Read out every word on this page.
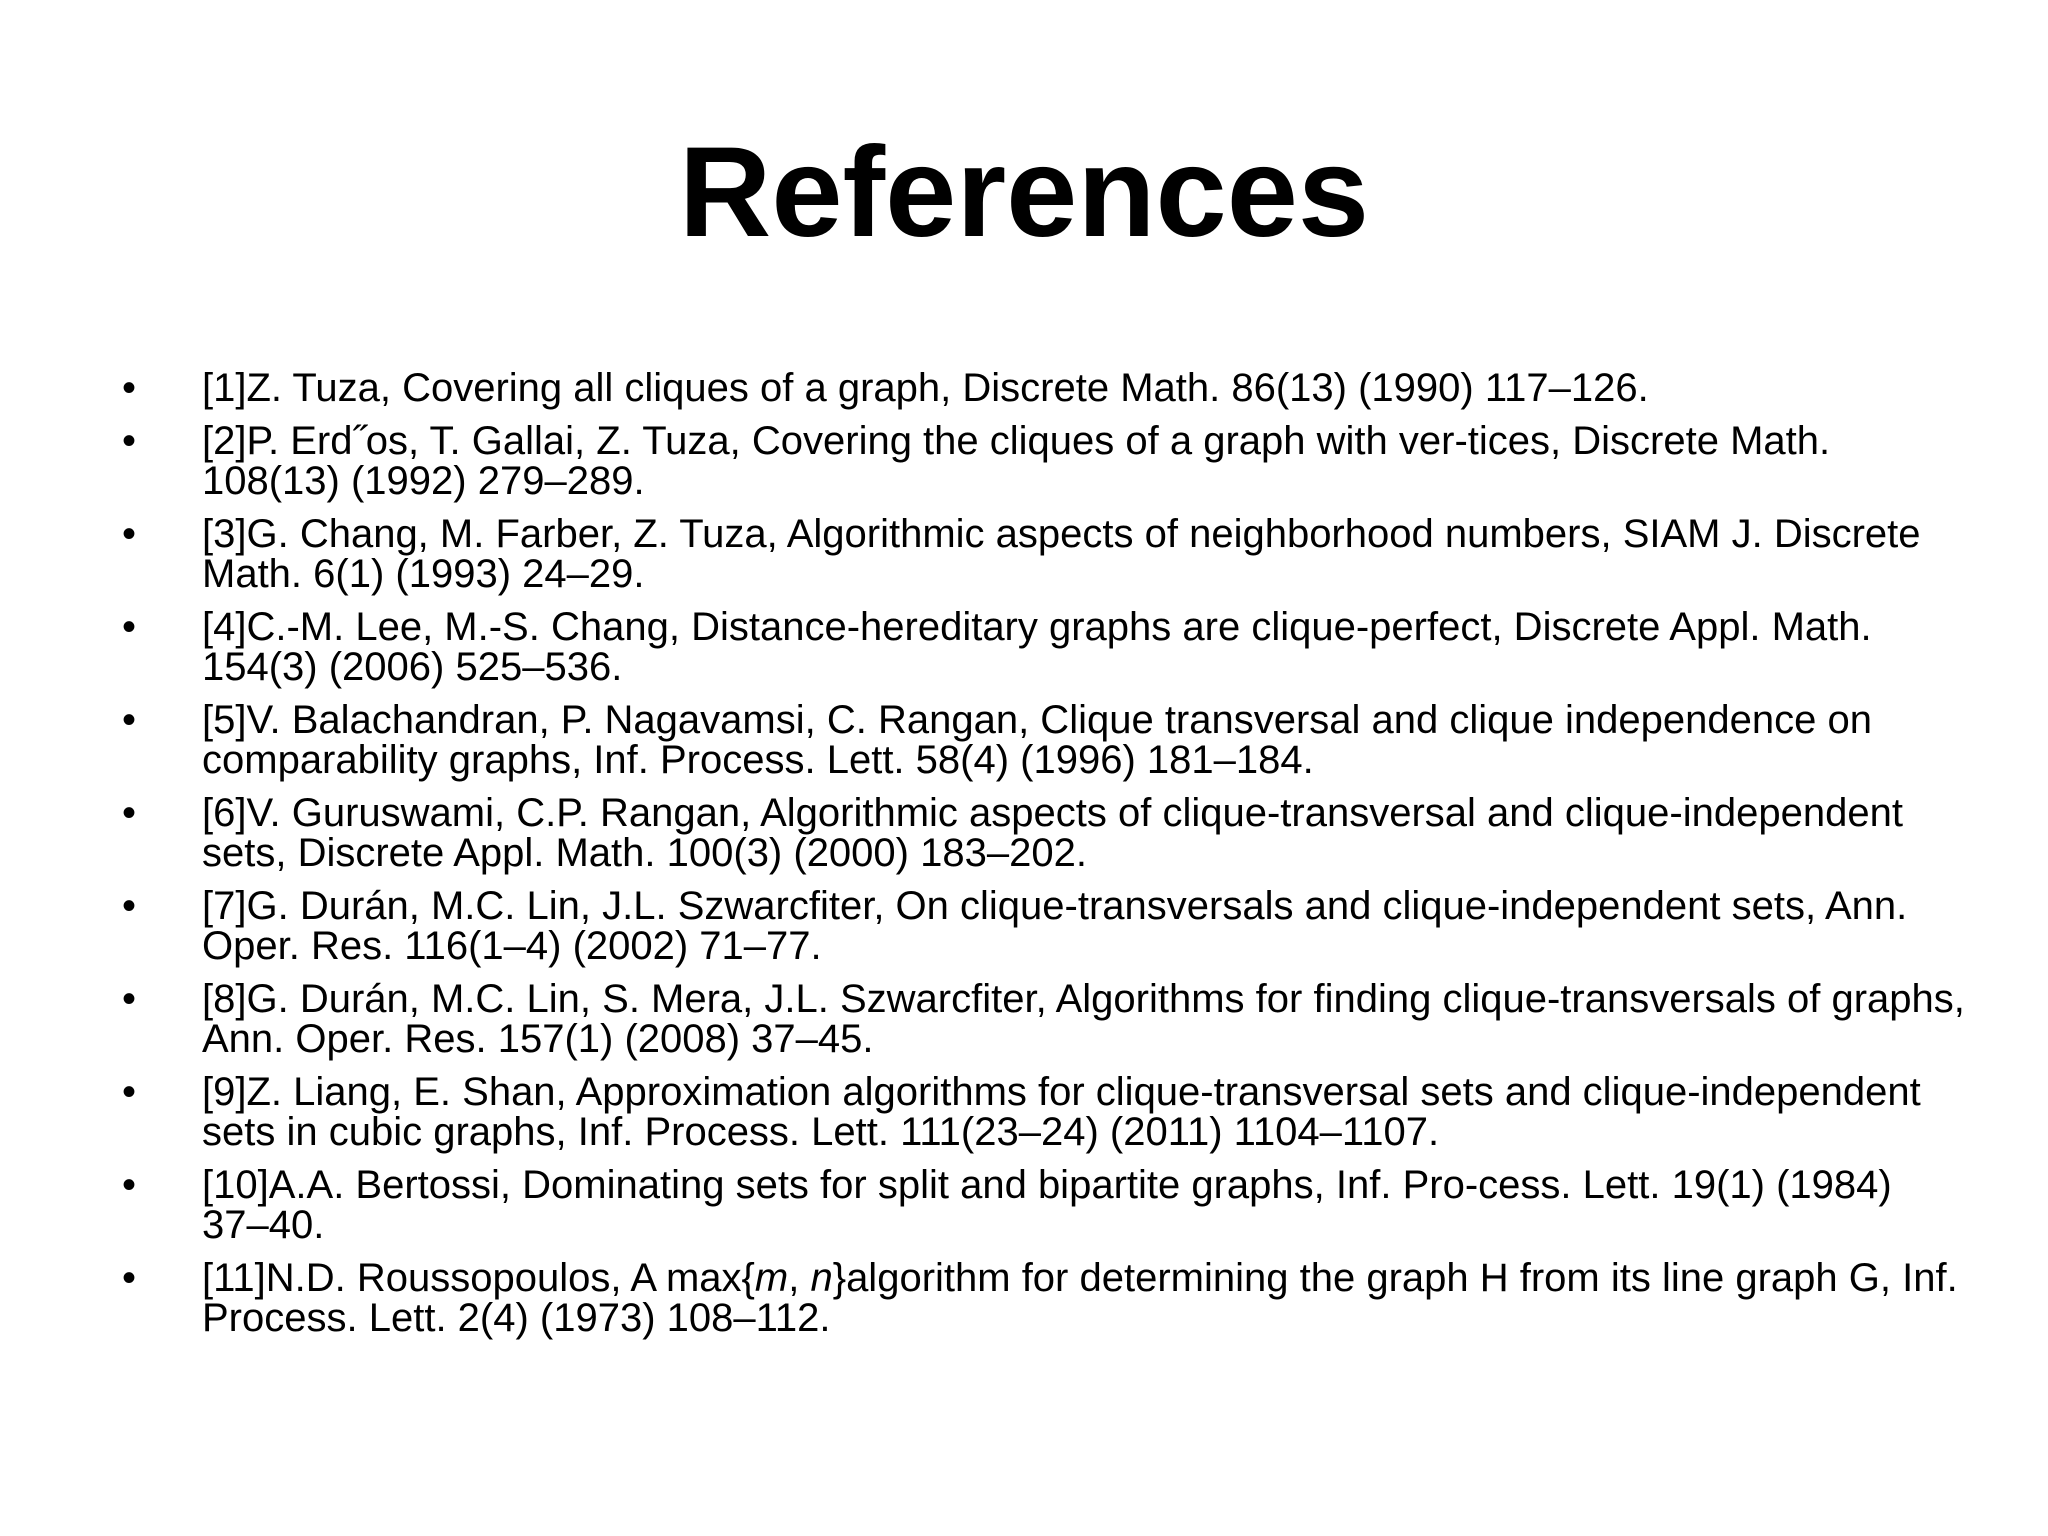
References
• [1]Z. Tuza, Covering all cliques of a graph, Discrete Math. 86(13) (1990) 117–126.
• [2]P. Erd˝os, T. Gallai, Z. Tuza, Covering the cliques of a graph with ver-tices, Discrete Math. 108(13) (1992) 279–289.
• [3]G. Chang, M. Farber, Z. Tuza, Algorithmic aspects of neighborhood numbers, SIAM J. Discrete Math. 6(1) (1993) 24–29.
• [4]C.-M. Lee, M.-S. Chang, Distance-hereditary graphs are clique-perfect, Discrete Appl. Math. 154(3) (2006) 525–536.
• [5]V. Balachandran, P. Nagavamsi, C. Rangan, Clique transversal and clique independence on comparability graphs, Inf. Process. Lett. 58(4) (1996) 181–184.
• [6]V. Guruswami, C.P. Rangan, Algorithmic aspects of clique-transversal and clique-independent sets, Discrete Appl. Math. 100(3) (2000) 183–202.
• [7]G. Durán, M.C. Lin, J.L. Szwarcfiter, On clique-transversals and clique-independent sets, Ann. Oper. Res. 116(1–4) (2002) 71–77.
• [8]G. Durán, M.C. Lin, S. Mera, J.L. Szwarcfiter, Algorithms for finding clique-transversals of graphs, Ann. Oper. Res. 157(1) (2008) 37–45.
• [9]Z. Liang, E. Shan, Approximation algorithms for clique-transversal sets and clique-independent sets in cubic graphs, Inf. Process. Lett. 111(23–24) (2011) 1104–1107.
• [10]A.A. Bertossi, Dominating sets for split and bipartite graphs, Inf. Pro-cess. Lett. 19(1) (1984) 37–40.
• [11]N.D. Roussopoulos, A max{m, n}algorithm for determining the graph H from its line graph G, Inf. Process. Lett. 2(4) (1973) 108–112.
